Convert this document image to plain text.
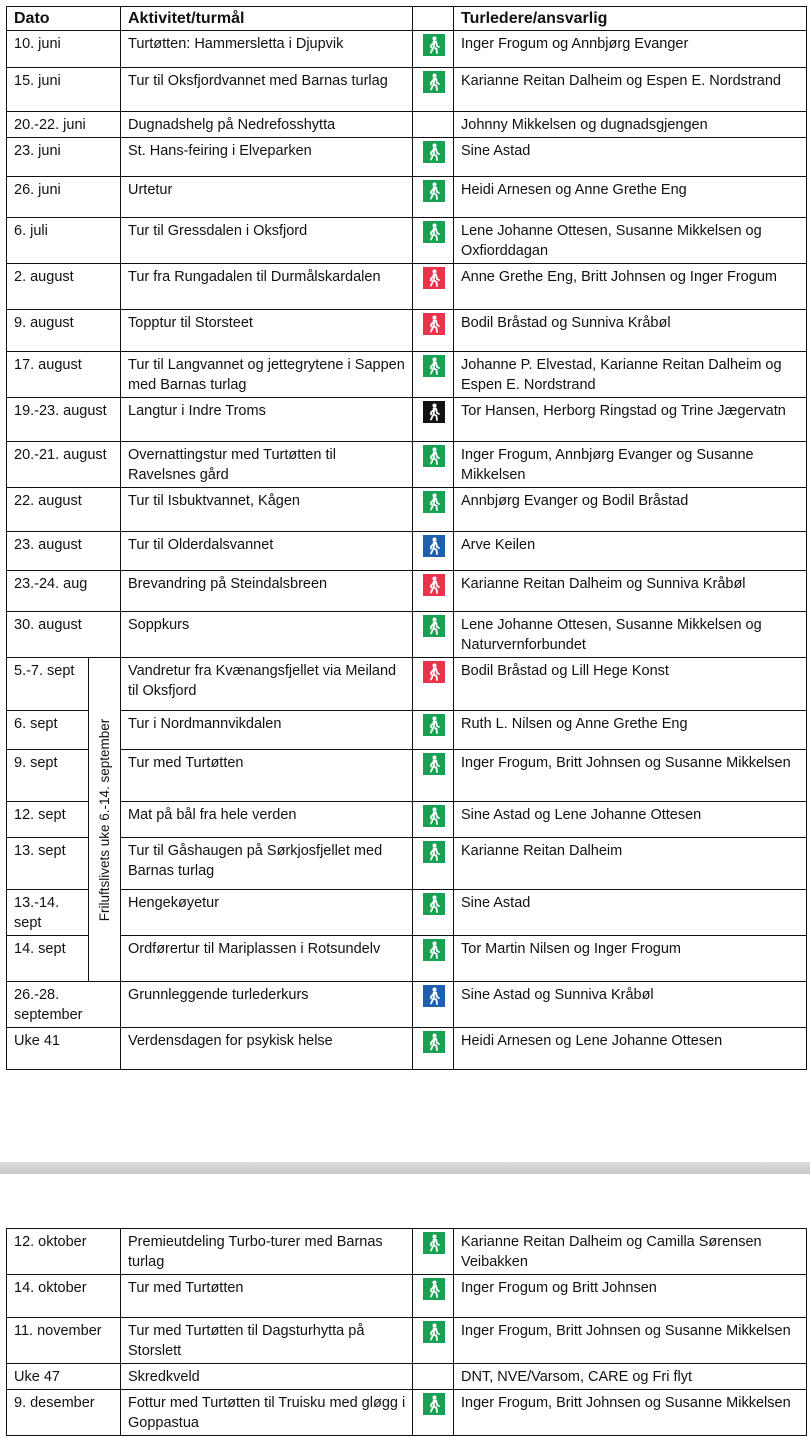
Dato		Aktivitet/turmål		Turledere/ansvarlig
10. juni		Turtøtten: Hammersletta i Djupvik		Inger Frogum og Annbjørg Evanger
15. juni		Tur til Oksfjordvannet med Barnas turlag		Karianne Reitan Dalheim og Espen E. Nordstrand
20.-22. juni		Dugnadshelg på Nedrefosshytta		Johnny Mikkelsen og dugnadsgjengen
23. juni		St. Hans-feiring i Elveparken		Sine Astad
26. juni		Urtetur		Heidi Arnesen og Anne Grethe Eng
6. juli		Tur til Gressdalen i Oksfjord		Lene Johanne Ottesen, Susanne Mikkelsen og Oxfiorddagan
2. august		Tur fra Rungadalen til Durmålskardalen		Anne Grethe Eng, Britt Johnsen og Inger Frogum
9. august		Topptur til Storsteet		Bodil Bråstad og Sunniva Kråbøl
17. august		Tur til Langvannet og jettegrytene i Sappen med Barnas turlag		Johanne P. Elvestad, Karianne Reitan Dalheim og Espen E. Nordstrand
19.-23. august		Langtur i Indre Troms		Tor Hansen, Herborg Ringstad og Trine Jægervatn
20.-21. august		Overnattingstur med Turtøtten til Ravelsnes gård		Inger Frogum, Annbjørg Evanger og Susanne Mikkelsen
22. august		Tur til Isbuktvannet, Kågen		Annbjørg Evanger og Bodil Bråstad
23. august		Tur til Olderdalsvannet		Arve Keilen
23.-24. aug		Brevandring på Steindalsbreen		Karianne Reitan Dalheim og Sunniva Kråbøl
30. august		Soppkurs		Lene Johanne Ottesen, Susanne Mikkelsen og Naturvernforbundet
5.-7. sept	Friluftslivets uke 6.-14. september	Vandretur fra Kvænangsfjellet via Meiland til Oksfjord		Bodil Bråstad og Lill Hege Konst
6. sept		Tur i Nordmannvikdalen		Ruth L. Nilsen og Anne Grethe Eng
9. sept		Tur med Turtøtten		Inger Frogum, Britt Johnsen og Susanne Mikkelsen
12. sept		Mat på bål fra hele verden		Sine Astad og Lene Johanne Ottesen
13. sept		Tur til Gåshaugen på Sørkjosfjellet med Barnas turlag		Karianne Reitan Dalheim
13.-14. sept		Hengekøyetur		Sine Astad
14. sept		Ordførertur til Mariplassen i Rotsundelv		Tor Martin Nilsen og Inger Frogum
26.-28. september		Grunnleggende turlederkurs		Sine Astad og Sunniva Kråbøl
Uke 41		Verdensdagen for psykisk helse		Heidi Arnesen og Lene Johanne Ottesen
12. oktober	Premieutdeling Turbo-turer med Barnas turlag		Karianne Reitan Dalheim og Camilla Sørensen Veibakken
14. oktober	Tur med Turtøtten		Inger Frogum og Britt Johnsen
11. november	Tur med Turtøtten til Dagsturhytta på Storslett		Inger Frogum, Britt Johnsen og Susanne Mikkelsen
Uke 47	Skredkveld		DNT, NVE/Varsom, CARE og Fri flyt
9. desember	Fottur med Turtøtten til Truisku med gløgg i Goppastua		Inger Frogum, Britt Johnsen og Susanne Mikkelsen
